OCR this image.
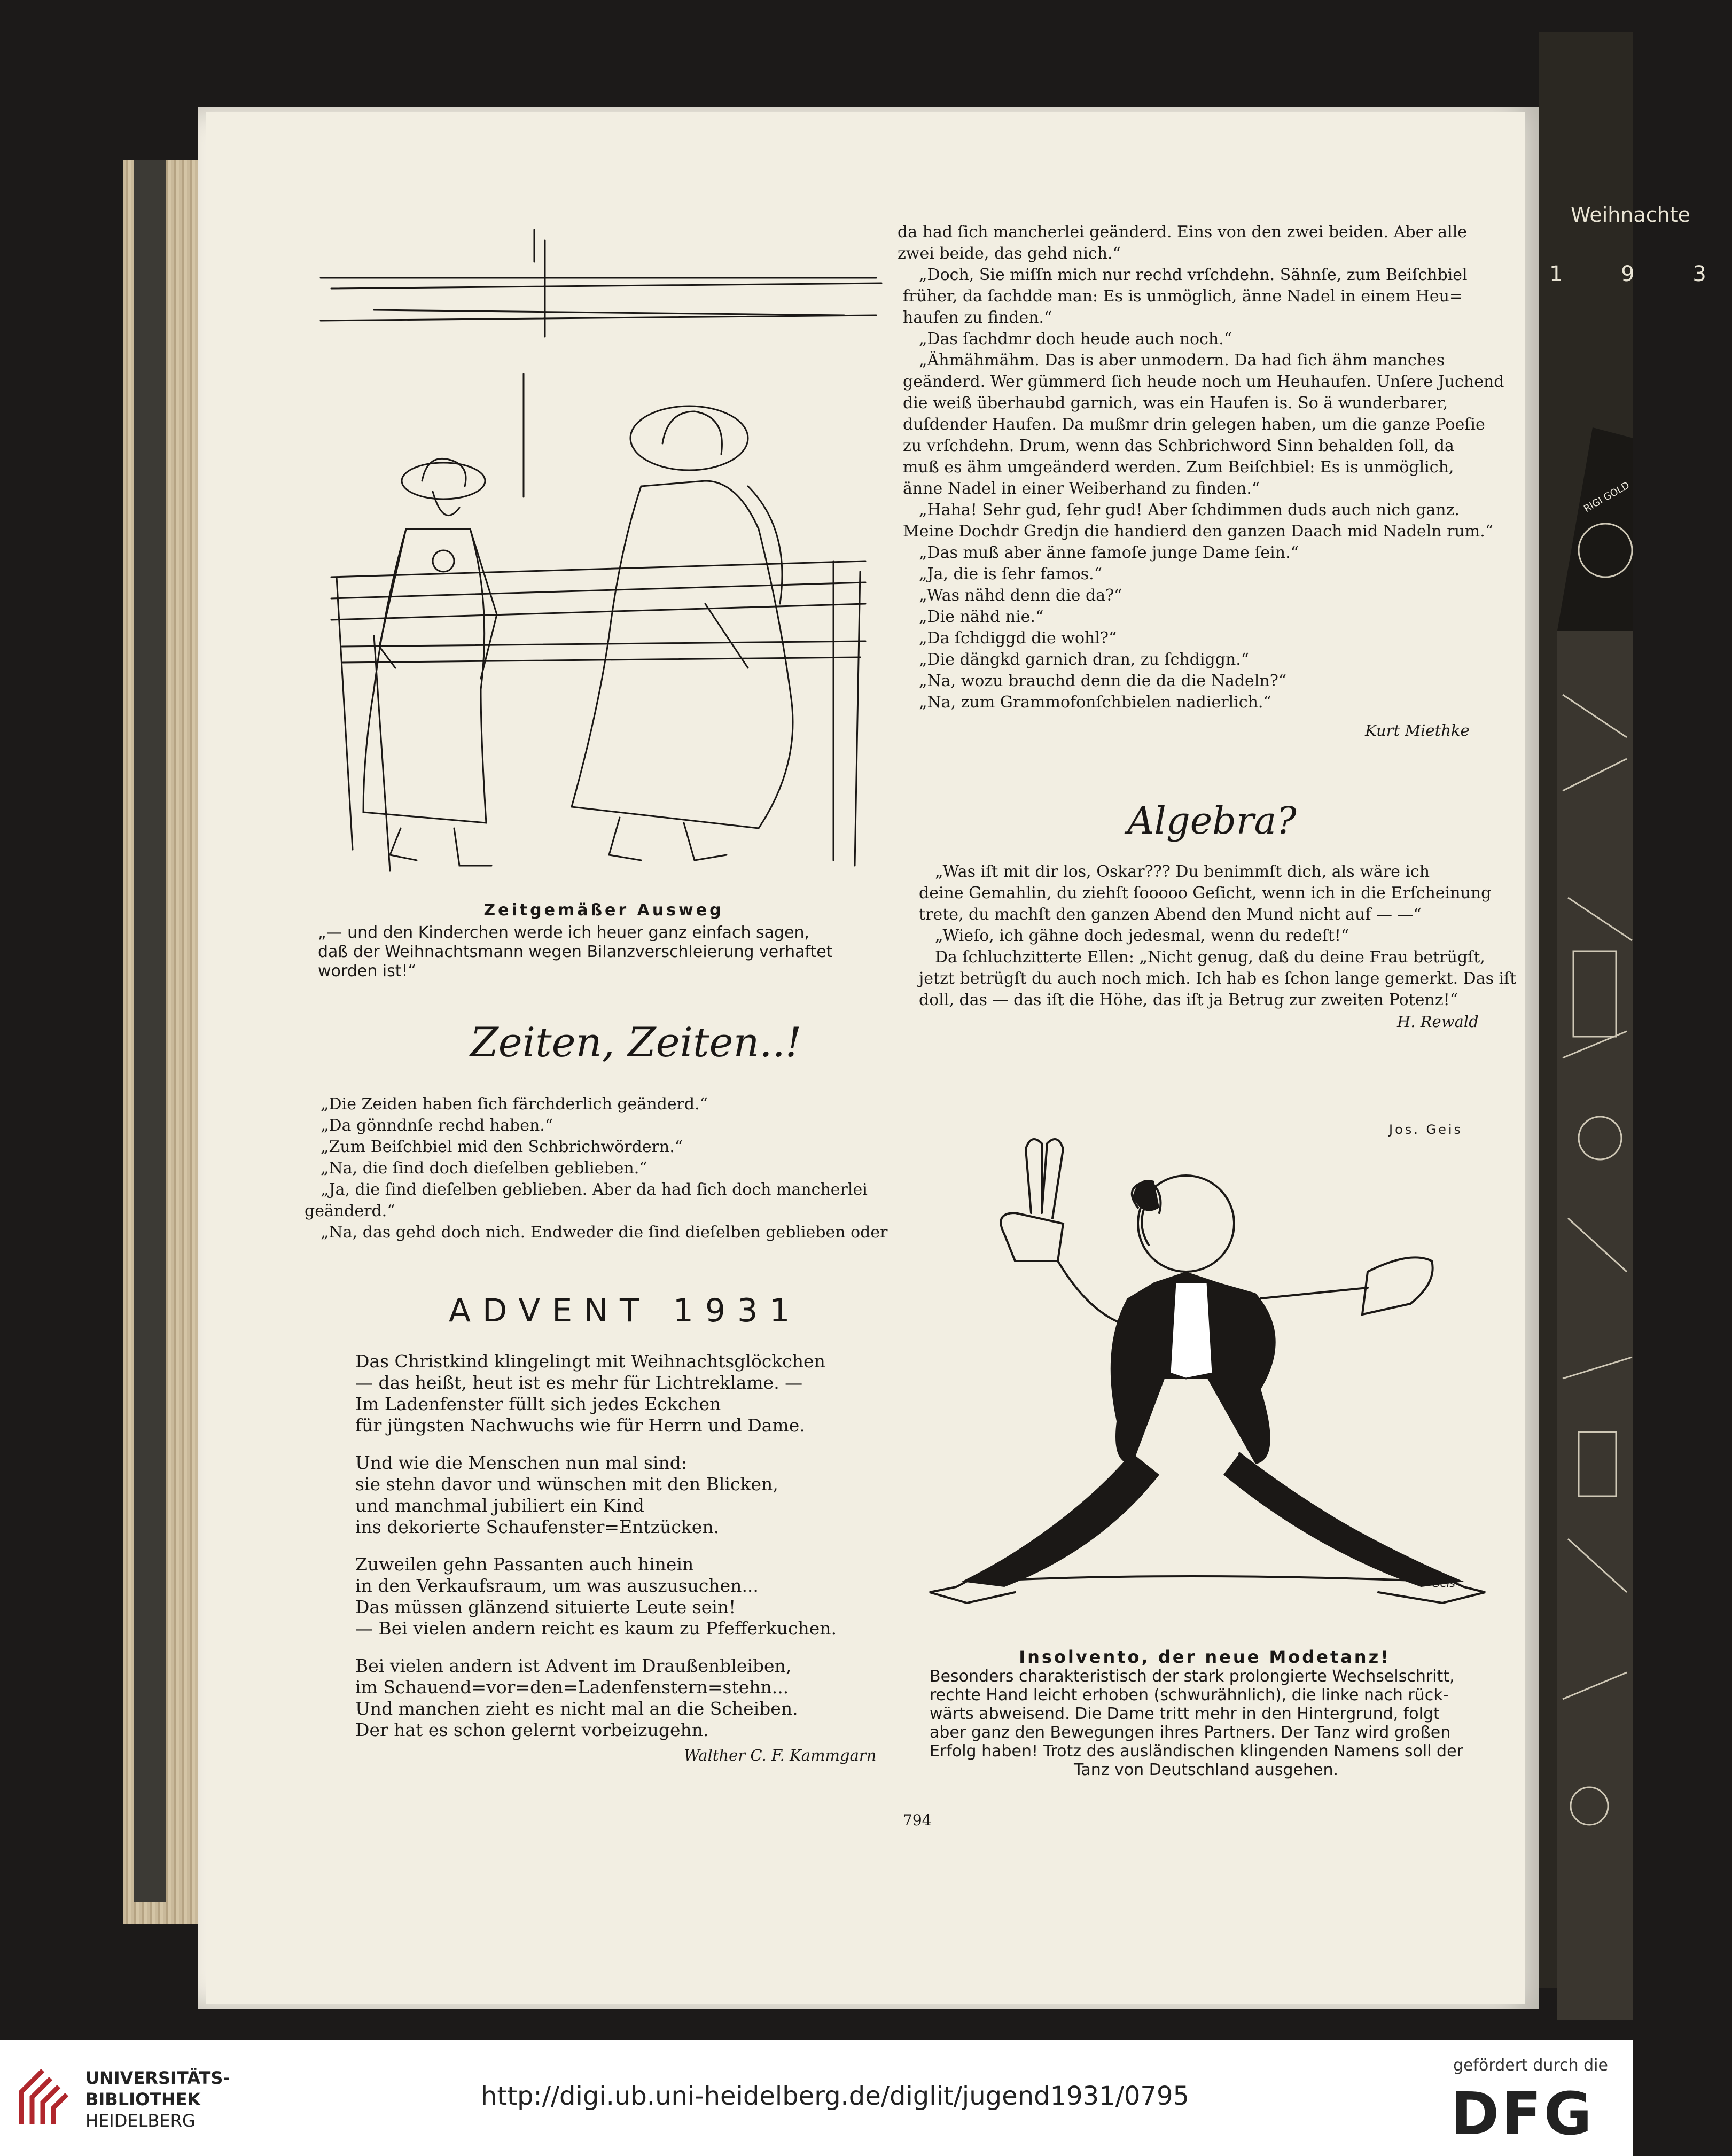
Weihnachte
1 9 3
RIGI GOLD
Zeitgemäßer Ausweg
„— und den Kinderchen werde ich heuer ganz einfach sagen,
daß der Weihnachtsmann wegen Bilanzverschleierung verhaftet
worden ist!“
Zeiten, Zeiten..!
„Die Zeiden haben ſich färchderlich geänderd.“
„Da gönndnſe rechd haben.“
„Zum Beiſchbiel mid den Schbrichwördern.“
„Na, die ſind doch dieſelben geblieben.“
„Ja, die ſind dieſelben geblieben. Aber da had ſich doch mancherlei
geänderd.“
„Na, das gehd doch nich. Endweder die ſind dieſelben geblieben oder
ADVENT 1931
Das Christkind klingelingt mit Weihnachtsglöckchen
— das heißt, heut ist es mehr für Lichtreklame. —
Im Ladenfenster füllt sich jedes Eckchen
für jüngsten Nachwuchs wie für Herrn und Dame.
Und wie die Menschen nun mal sind:
sie stehn davor und wünschen mit den Blicken,
und manchmal jubiliert ein Kind
ins dekorierte Schaufenster=Entzücken.
Zuweilen gehn Passanten auch hinein
in den Verkaufsraum, um was auszusuchen...
Das müssen glänzend situierte Leute sein!
— Bei vielen andern reicht es kaum zu Pfefferkuchen.
Bei vielen andern ist Advent im Draußenbleiben,
im Schauend=vor=den=Ladenfenstern=stehn...
Und manchen zieht es nicht mal an die Scheiben.
Der hat es schon gelernt vorbeizugehn.
Walther C. F. Kammgarn
da had ſich mancherlei geänderd. Eins von den zwei beiden. Aber alle
zwei beide, das gehd nich.“
„Doch, Sie miſſn mich nur rechd vrſchdehn. Sähnſe, zum Beiſchbiel
früher, da ſachdde man: Es is unmöglich, änne Nadel in einem Heu=
haufen zu finden.“
„Das ſachdmr doch heude auch noch.“
„Ähmähmähm. Das is aber unmodern. Da had ſich ähm manches
geänderd. Wer gümmerd ſich heude noch um Heuhaufen. Unſere Juchend
die weiß überhaubd garnich, was ein Haufen is. So ä wunderbarer,
duſdender Haufen. Da mußmr drin gelegen haben, um die ganze Poeſie
zu vrſchdehn. Drum, wenn das Schbrichword Sinn behalden ſoll, da
muß es ähm umgeänderd werden. Zum Beiſchbiel: Es is unmöglich,
änne Nadel in einer Weiberhand zu finden.“
„Haha! Sehr gud, ſehr gud! Aber ſchdimmen duds auch nich ganz.
Meine Dochdr Gredjn die handierd den ganzen Daach mid Nadeln rum.“
„Das muß aber änne famoſe junge Dame ſein.“
„Ja, die is ſehr famos.“
„Was nähd denn die da?“
„Die nähd nie.“
„Da ſchdiggd die wohl?“
„Die dängkd garnich dran, zu ſchdiggn.“
„Na, wozu brauchd denn die da die Nadeln?“
„Na, zum Grammofonſchbielen nadierlich.“
Kurt Miethke
Algebra?
„Was iſt mit dir los, Oskar??? Du benimmſt dich, als wäre ich
deine Gemahlin, du ziehſt ſooooo Geſicht, wenn ich in die Erſcheinung
trete, du machſt den ganzen Abend den Mund nicht auf — —“
„Wieſo, ich gähne doch jedesmal, wenn du redeſt!“
Da ſchluchzitterte Ellen: „Nicht genug, daß du deine Frau betrügſt,
jetzt betrügſt du auch noch mich. Ich hab es ſchon lange gemerkt. Das iſt
doll, das — das iſt die Höhe, das iſt ja Betrug zur zweiten Potenz!“
H. Rewald
Jos. Geis
Geis
Insolvento, der neue Modetanz!
Besonders charakteristisch der stark prolongierte Wechselschritt,
rechte Hand leicht erhoben (schwurähnlich), die linke nach rück-
wärts abweisend. Die Dame tritt mehr in den Hintergrund, folgt
aber ganz den Bewegungen ihres Partners. Der Tanz wird großen
Erfolg haben! Trotz des ausländischen klingenden Namens soll der
Tanz von Deutschland ausgehen.
794
UNIVERSITÄTS-
BIBLIOTHEK
HEIDELBERG
http://digi.ub.uni-heidelberg.de/diglit/jugend1931/0795
gefördert durch die
DFG
